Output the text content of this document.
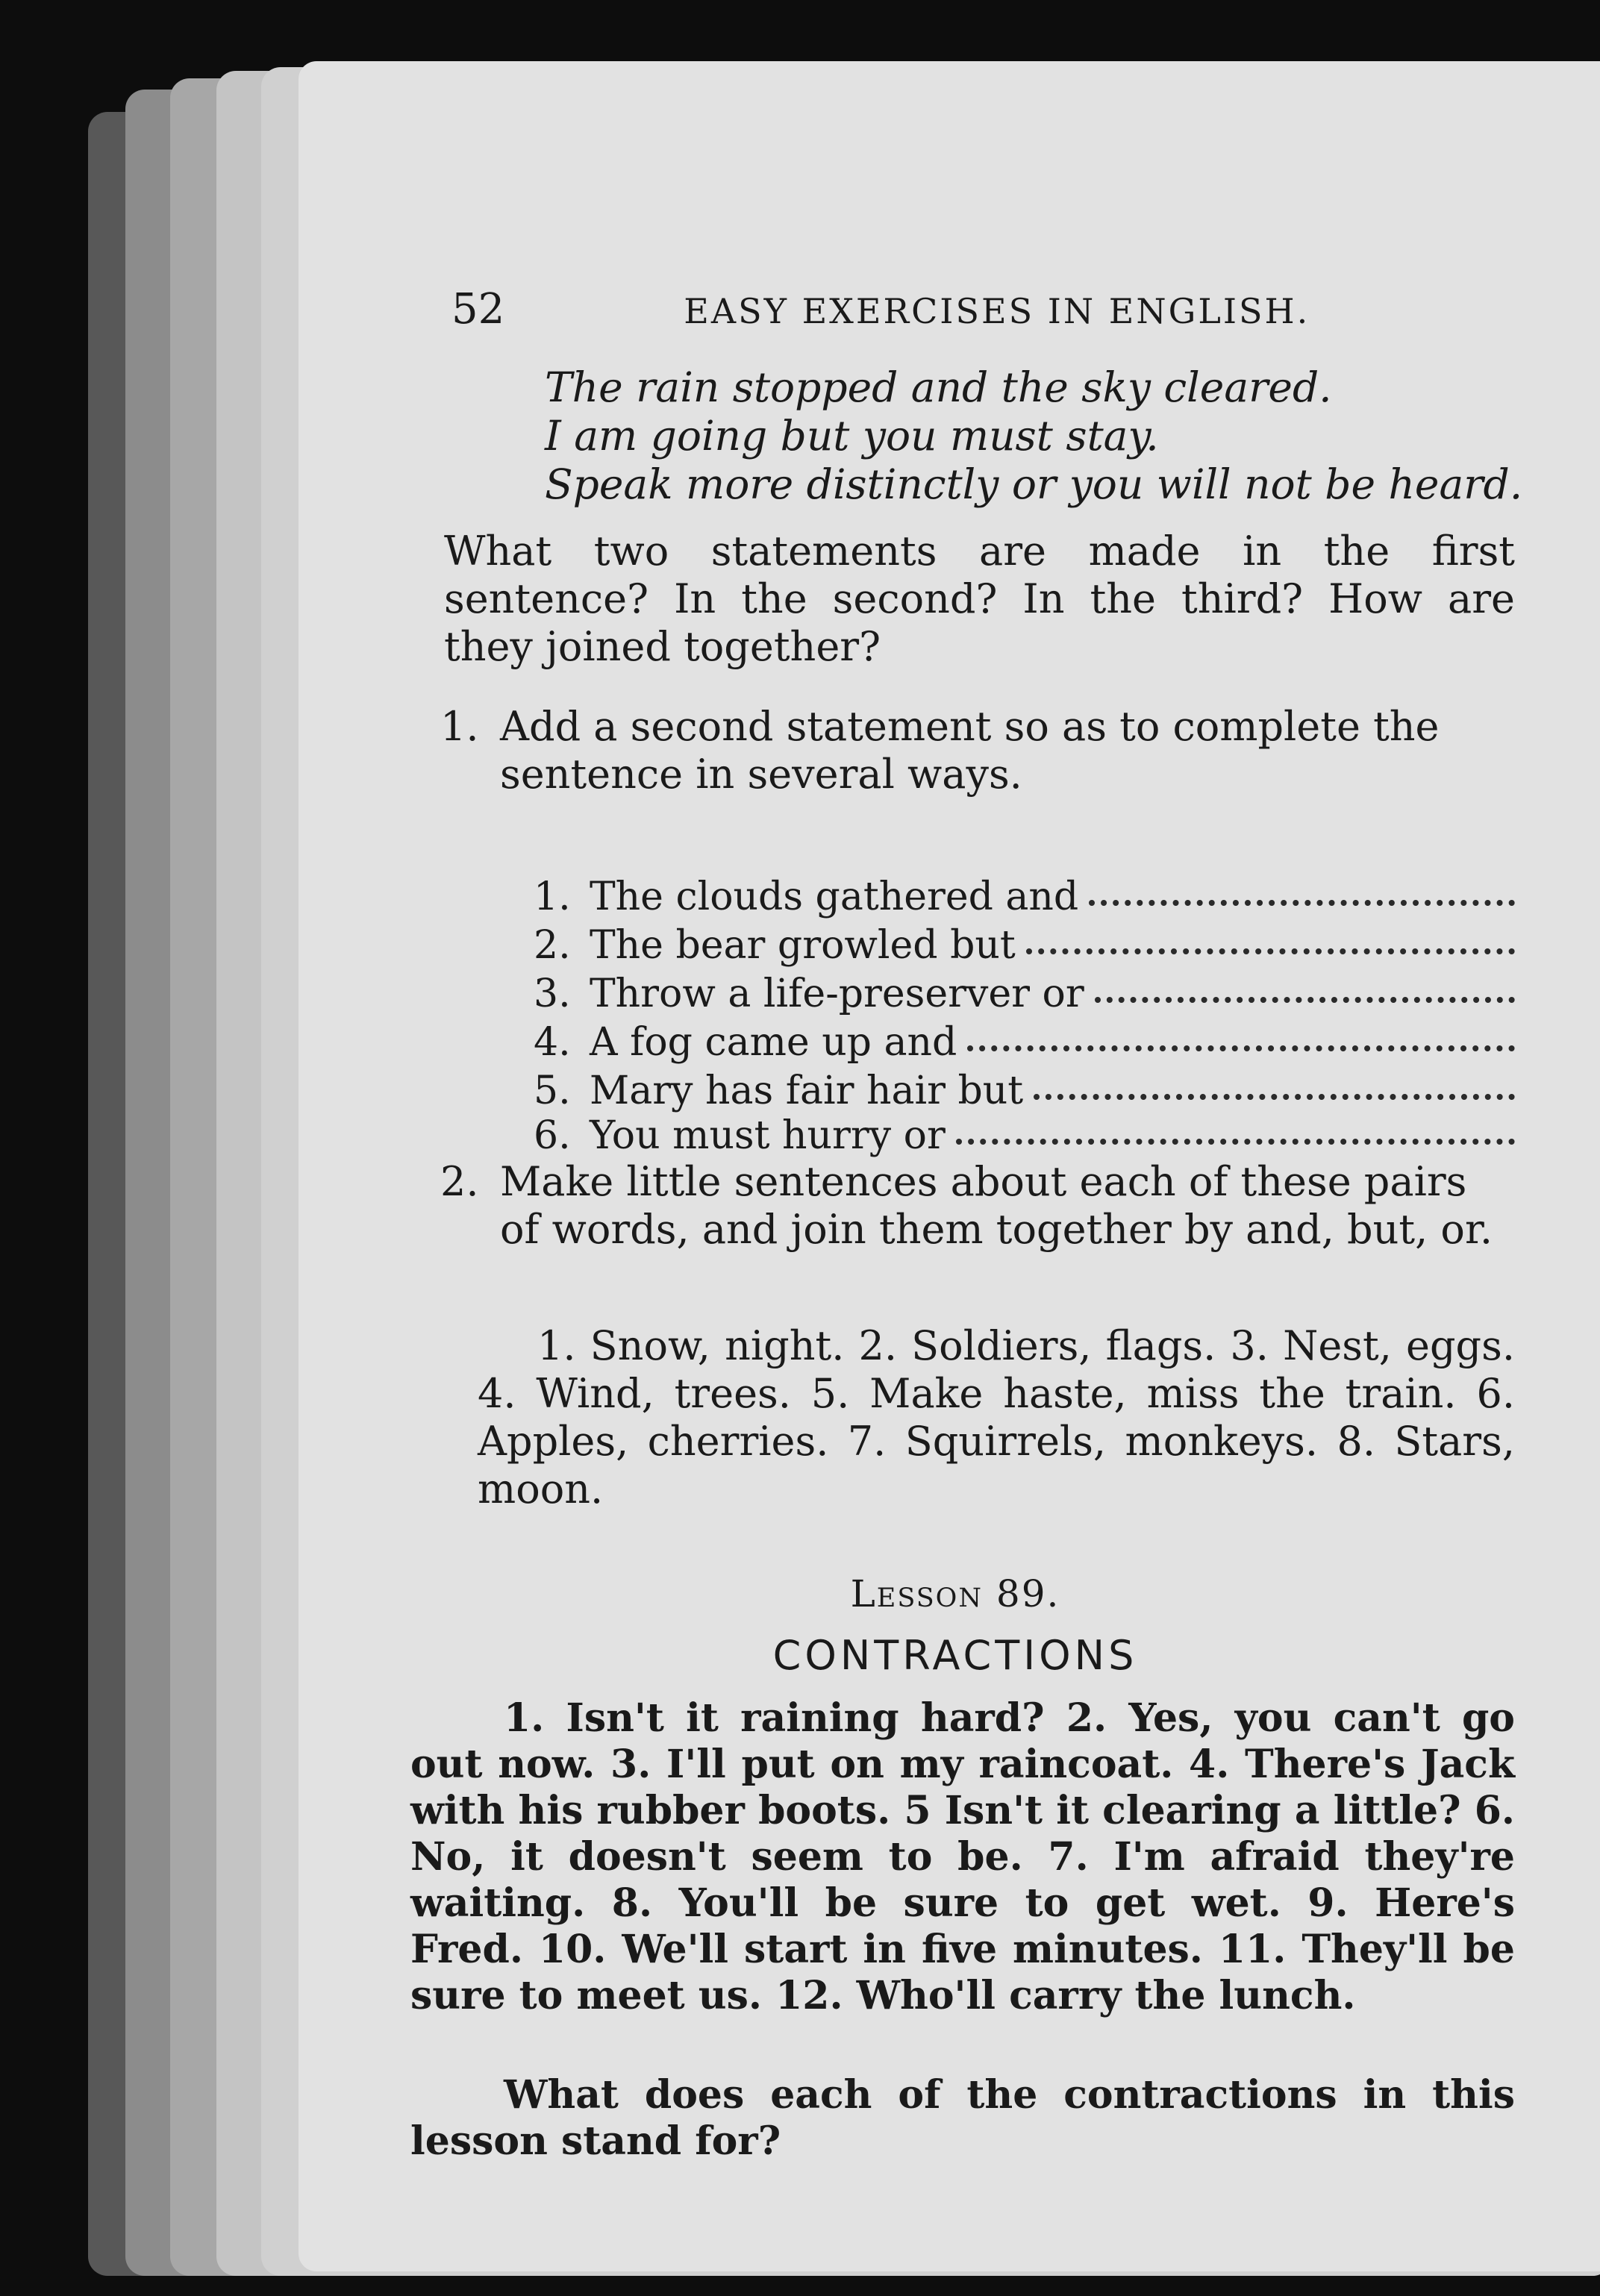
52	EASY EXERCISES IN ENGLISH.
The rain stopped and the sky cleared.
I am going but you must stay.
Speak more distinctly or you will not be heard.
What two statements are made in the first sentence? In the second? In the third? How are they joined together?
1. Add a second statement so as to complete the sentence in several ways.
1. The clouds gathered and
2. The bear growled but
3. Throw a life-preserver or
4. A fog came up and
5. Mary has fair hair but
6. You must hurry or
2. Make little sentences about each of these pairs of words, and join them together by and, but, or.
1. Snow, night. 2. Soldiers, flags. 3. Nest, eggs. 4. Wind, trees. 5. Make haste, miss the train. 6. Apples, cherries. 7. Squirrels, monkeys. 8. Stars, moon.
Lesson 89.
CONTRACTIONS
1. Isn't it raining hard? 2. Yes, you can't go out now. 3. I'll put on my raincoat. 4. There's Jack with his rubber boots. 5 Isn't it clearing a little? 6. No, it doesn't seem to be. 7. I'm afraid they're waiting. 8. You'll be sure to get wet. 9. Here's Fred. 10. We'll start in five minutes. 11. They'll be sure to meet us. 12. Who'll carry the lunch.
What does each of the contractions in this lesson stand for?
